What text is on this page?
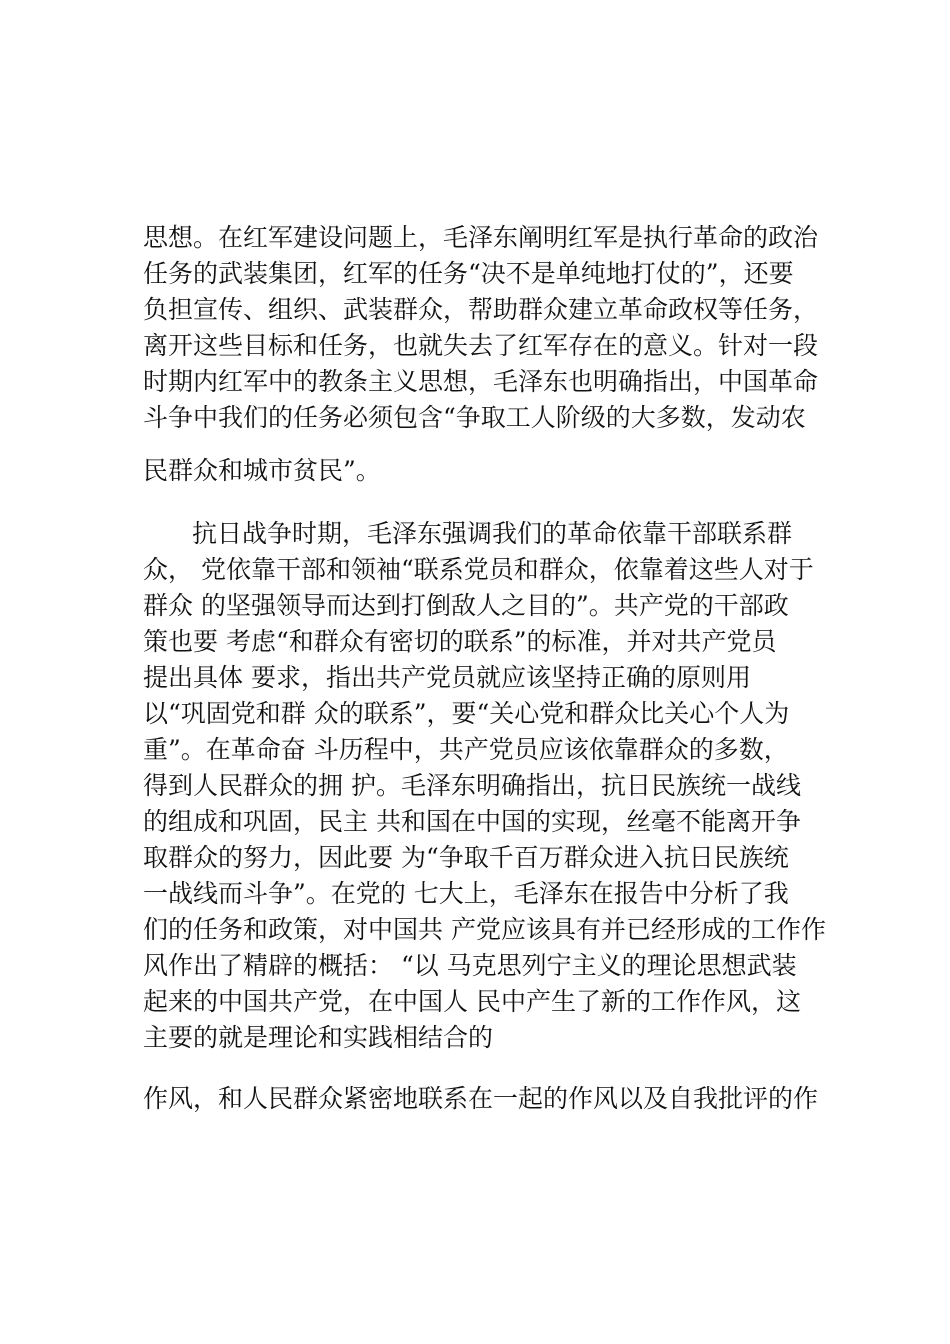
思想。在红军建设问题上，毛泽东阐明红军是执行革命的政治
任务的武装集团，红军的任务“决不是单纯地打仗的”，还要
负担宣传、组织、武装群众，帮助群众建立革命政权等任务，
离开这些目标和任务，也就失去了红军存在的意义。针对一段
时期内红军中的教条主义思想，毛泽东也明确指出，中国革命
斗争中我们的任务必须包含“争取工人阶级的大多数，发动农
民群众和城市贫民”。
抗日战争时期，毛泽东强调我们的革命依靠干部联系群
众， 党依靠干部和领袖“联系党员和群众，依靠着这些人对于
群众 的坚强领导而达到打倒敌人之目的”。共产党的干部政
策也要 考虑“和群众有密切的联系”的标准，并对共产党员
提出具体 要求，指出共产党员就应该坚持正确的原则用
以“巩固党和群 众的联系”，要“关心党和群众比关心个人为
重”。在革命奋 斗历程中，共产党员应该依靠群众的多数，
得到人民群众的拥 护。毛泽东明确指出，抗日民族统一战线
的组成和巩固，民主 共和国在中国的实现，丝毫不能离开争
取群众的努力，因此要 为“争取千百万群众进入抗日民族统
一战线而斗争”。在党的 七大上，毛泽东在报告中分析了我
们的任务和政策，对中国共 产党应该具有并已经形成的工作作
风作出了精辟的概括： “以 马克思列宁主义的理论思想武装
起来的中国共产党，在中国人 民中产生了新的工作作风，这
主要的就是理论和实践相结合的
作风，和人民群众紧密地联系在一起的作风以及自我批评的作
